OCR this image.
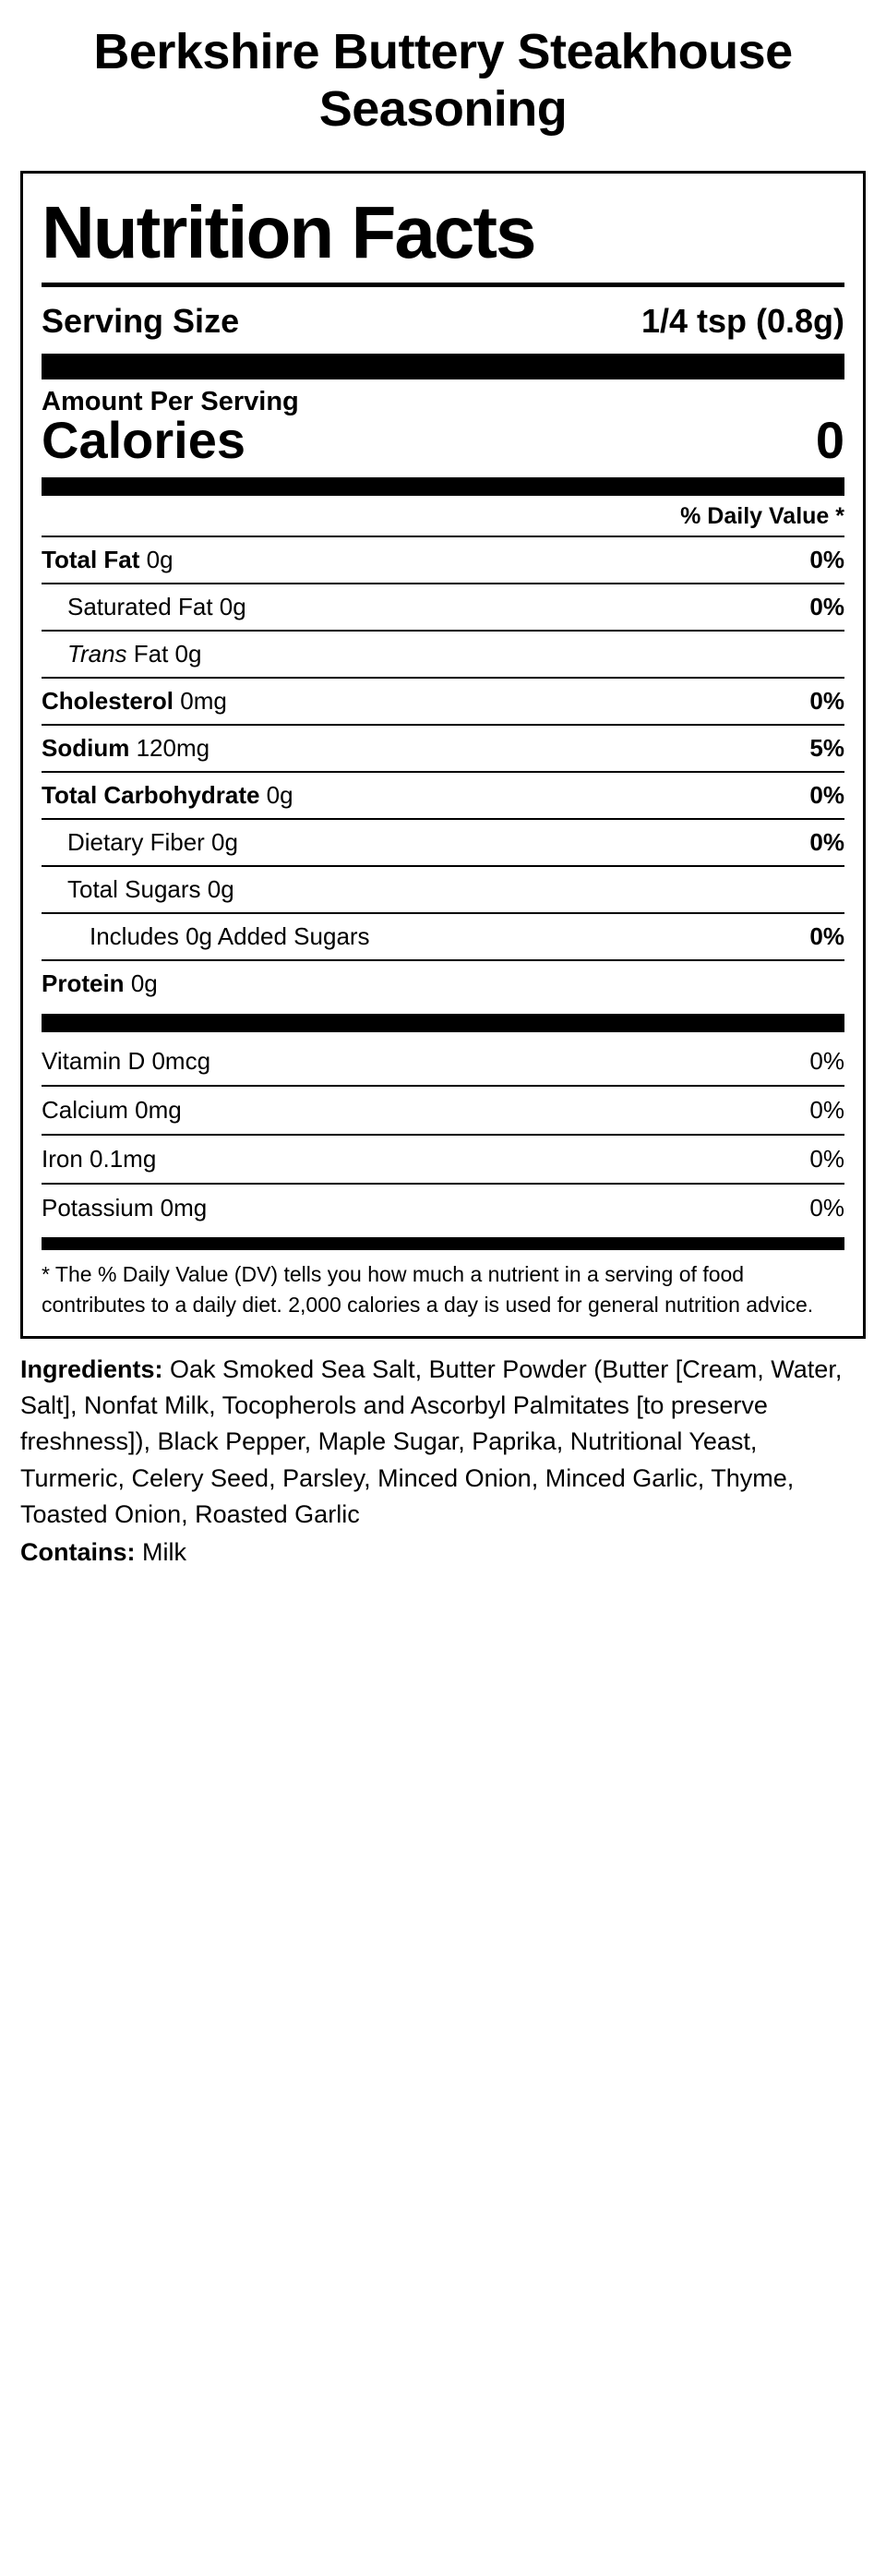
Berkshire Buttery Steakhouse Seasoning
Nutrition Facts
Serving Size	1/4 tsp (0.8g)
Amount Per Serving
Calories	0
% Daily Value *
Total Fat 0g	0%
Saturated Fat 0g	0%
Trans Fat 0g
Cholesterol 0mg	0%
Sodium 120mg	5%
Total Carbohydrate 0g	0%
Dietary Fiber 0g	0%
Total Sugars 0g
Includes 0g Added Sugars	0%
Protein 0g
Vitamin D 0mcg	0%
Calcium 0mg	0%
Iron 0.1mg	0%
Potassium 0mg	0%
* The % Daily Value (DV) tells you how much a nutrient in a serving of food contributes to a daily diet. 2,000 calories a day is used for general nutrition advice.
Ingredients: Oak Smoked Sea Salt, Butter Powder (Butter [Cream, Water, Salt], Nonfat Milk, Tocopherols and Ascorbyl Palmitates [to preserve freshness]), Black Pepper, Maple Sugar, Paprika, Nutritional Yeast, Turmeric, Celery Seed, Parsley, Minced Onion, Minced Garlic, Thyme, Toasted Onion, Roasted Garlic
Contains: Milk
